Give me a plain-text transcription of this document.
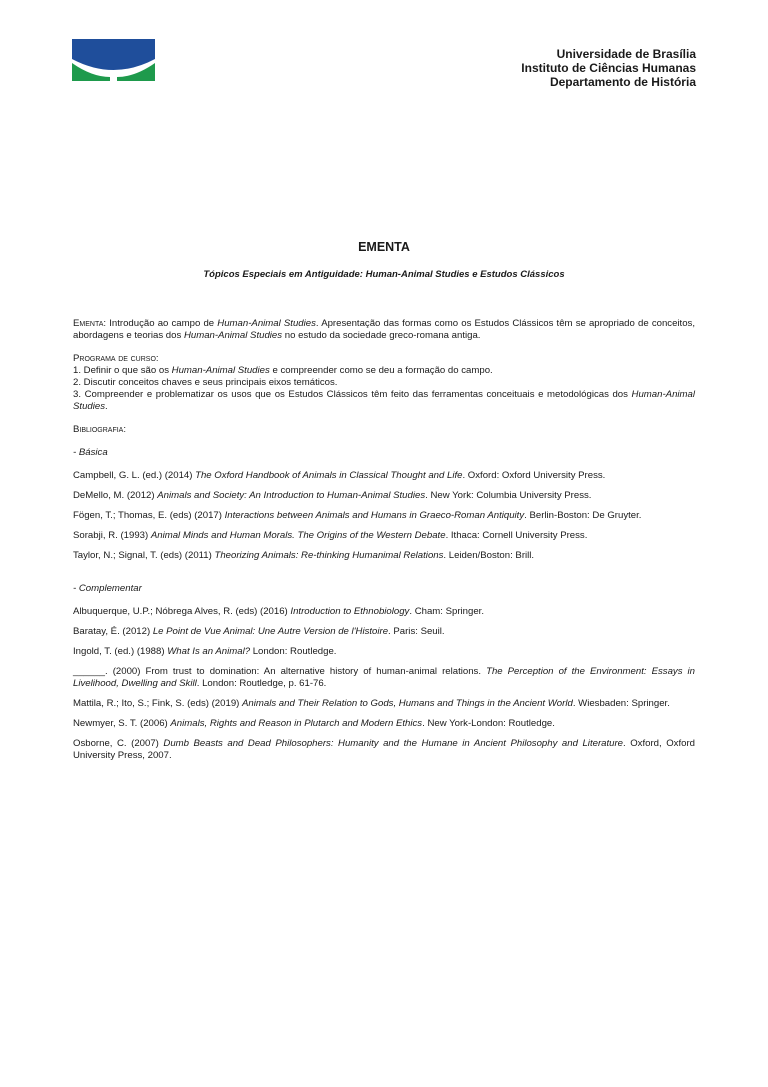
Universidade de Brasília
Instituto de Ciências Humanas
Departamento de História
EMENTA
Tópicos Especiais em Antiguidade: Human-Animal Studies e Estudos Clássicos

Ementa: Introdução ao campo de Human-Animal Studies. Apresentação das formas como os Estudos Clássicos têm se apropriado de conceitos, abordagens e teorias dos Human-Animal Studies no estudo da sociedade greco-romana antiga.

Programa de curso:

1. Definir o que são os Human-Animal Studies e compreender como se deu a formação do campo.

2. Discutir conceitos chaves e seus principais eixos temáticos.

3. Compreender e problematizar os usos que os Estudos Clássicos têm feito das ferramentas conceituais e metodológicas dos Human-Animal Studies.

Bibliografia:

- Básica

Campbell, G. L. (ed.) (2014) The Oxford Handbook of Animals in Classical Thought and Life. Oxford: Oxford University Press.

DeMello, M. (2012) Animals and Society: An Introduction to Human-Animal Studies. New York: Columbia University Press.

Fögen, T.; Thomas, E. (eds) (2017) Interactions between Animals and Humans in Graeco-Roman Antiquity. Berlin-Boston: De Gruyter.

Sorabji, R. (1993) Animal Minds and Human Morals. The Origins of the Western Debate. Ithaca: Cornell University Press.

Taylor, N.; Signal, T. (eds) (2011) Theorizing Animals: Re-thinking Humanimal Relations. Leiden/Boston: Brill.

- Complementar

Albuquerque, U.P.; Nóbrega Alves, R. (eds) (2016) Introduction to Ethnobiology. Cham: Springer.

Baratay, É. (2012) Le Point de Vue Animal: Une Autre Version de l'Histoire. Paris: Seuil.

Ingold, T. (ed.) (1988) What Is an Animal? London: Routledge.

______. (2000) From trust to domination: An alternative history of human-animal relations. The Perception of the Environment: Essays in Livelihood, Dwelling and Skill. London: Routledge, p. 61-76.

Mattila, R.; Ito, S.; Fink, S. (eds) (2019) Animals and Their Relation to Gods, Humans and Things in the Ancient World. Wiesbaden: Springer.

Newmyer, S. T. (2006) Animals, Rights and Reason in Plutarch and Modern Ethics. New York-London: Routledge.

Osborne, C. (2007) Dumb Beasts and Dead Philosophers: Humanity and the Humane in Ancient Philosophy and Literature. Oxford, Oxford University Press, 2007.
